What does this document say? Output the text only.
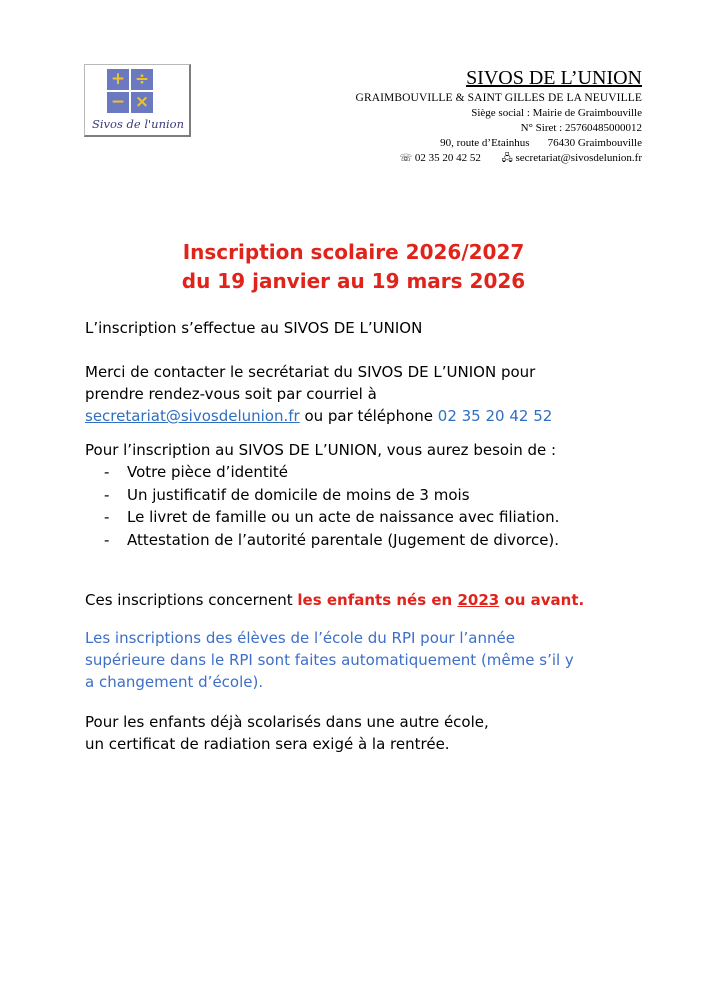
+ ÷
− ×
Sivos de l'union
SIVOS DE L’UNION
GRAIMBOUVILLE & SAINT GILLES DE LA NEUVILLE
Siège social : Mairie de Graimbouville
N° Siret : 25760485000012
90, route d’Etainhus 76430 Graimbouville
☏ 02 35 20 42 52 🖧 secretariat@sivosdelunion.fr
Inscription scolaire 2026/2027
du 19 janvier au 19 mars 2026
L’inscription s’effectue au SIVOS DE L’UNION
Merci de contacter le secrétariat du SIVOS DE L’UNION pour
prendre rendez-vous soit par courriel à
secretariat@sivosdelunion.fr ou par téléphone 02 35 20 42 52
Pour l’inscription au SIVOS DE L’UNION, vous aurez besoin de :
- Votre pièce d’identité
- Un justificatif de domicile de moins de 3 mois
- Le livret de famille ou un acte de naissance avec filiation.
- Attestation de l’autorité parentale (Jugement de divorce).
Ces inscriptions concernent les enfants nés en 2023 ou avant.
Les inscriptions des élèves de l’école du RPI pour l’année
supérieure dans le RPI sont faites automatiquement (même s’il y
a changement d’école).
Pour les enfants déjà scolarisés dans une autre école,
un certificat de radiation sera exigé à la rentrée.
